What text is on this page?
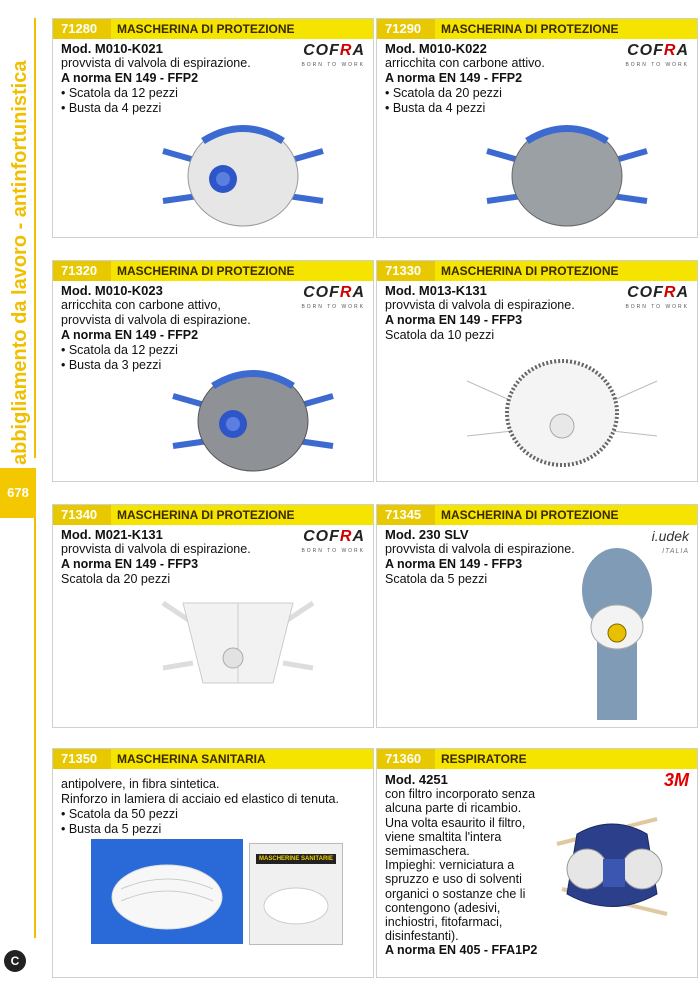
abbigliamento da lavoro - antinfortunistica
678
C
71280	MASCHERINA DI PROTEZIONE
COFRA
BORN TO WORK
Mod. M010-K021
provvista di valvola di espirazione.
A norma EN 149 - FFP2
• Scatola da 12 pezzi
• Busta da 4 pezzi
71290	MASCHERINA DI PROTEZIONE
COFRA
BORN TO WORK
Mod. M010-K022
arricchita con carbone attivo.
A norma EN 149 - FFP2
• Scatola da 20 pezzi
• Busta da 4 pezzi
71320	MASCHERINA DI PROTEZIONE
COFRA
BORN TO WORK
Mod. M010-K023
arricchita con carbone attivo,
provvista di valvola di espirazione.
A norma EN 149 - FFP2
• Scatola da 12 pezzi
• Busta da 3 pezzi
71330	MASCHERINA DI PROTEZIONE
COFRA
BORN TO WORK
Mod. M013-K131
provvista di valvola di espirazione.
A norma EN 149 - FFP3
Scatola da 10 pezzi
71340	MASCHERINA DI PROTEZIONE
COFRA
BORN TO WORK
Mod. M021-K131
provvista di valvola di espirazione.
A norma EN 149 - FFP3
Scatola da 20 pezzi
71345	MASCHERINA DI PROTEZIONE
i.udek
ITALIA
Mod. 230 SLV
provvista di valvola di espirazione.
A norma EN 149 - FFP3
Scatola da 5 pezzi
71350	MASCHERINA SANITARIA
antipolvere, in fibra sintetica.
Rinforzo in lamiera di acciaio ed elastico di tenuta.
• Scatola da 50 pezzi
• Busta da 5 pezzi
MASCHERINE SANITARIE
71360	RESPIRATORE
3M
Mod. 4251
con filtro incorporato senza
alcuna parte di ricambio.
Una volta esaurito il filtro,
viene smaltita l'intera
semimaschera.
Impieghi: verniciatura a
spruzzo e uso di solventi
organici o sostanze che li
contengono (adesivi,
inchiostri, fitofarmaci,
disinfestanti).
A norma EN 405 - FFA1P2
